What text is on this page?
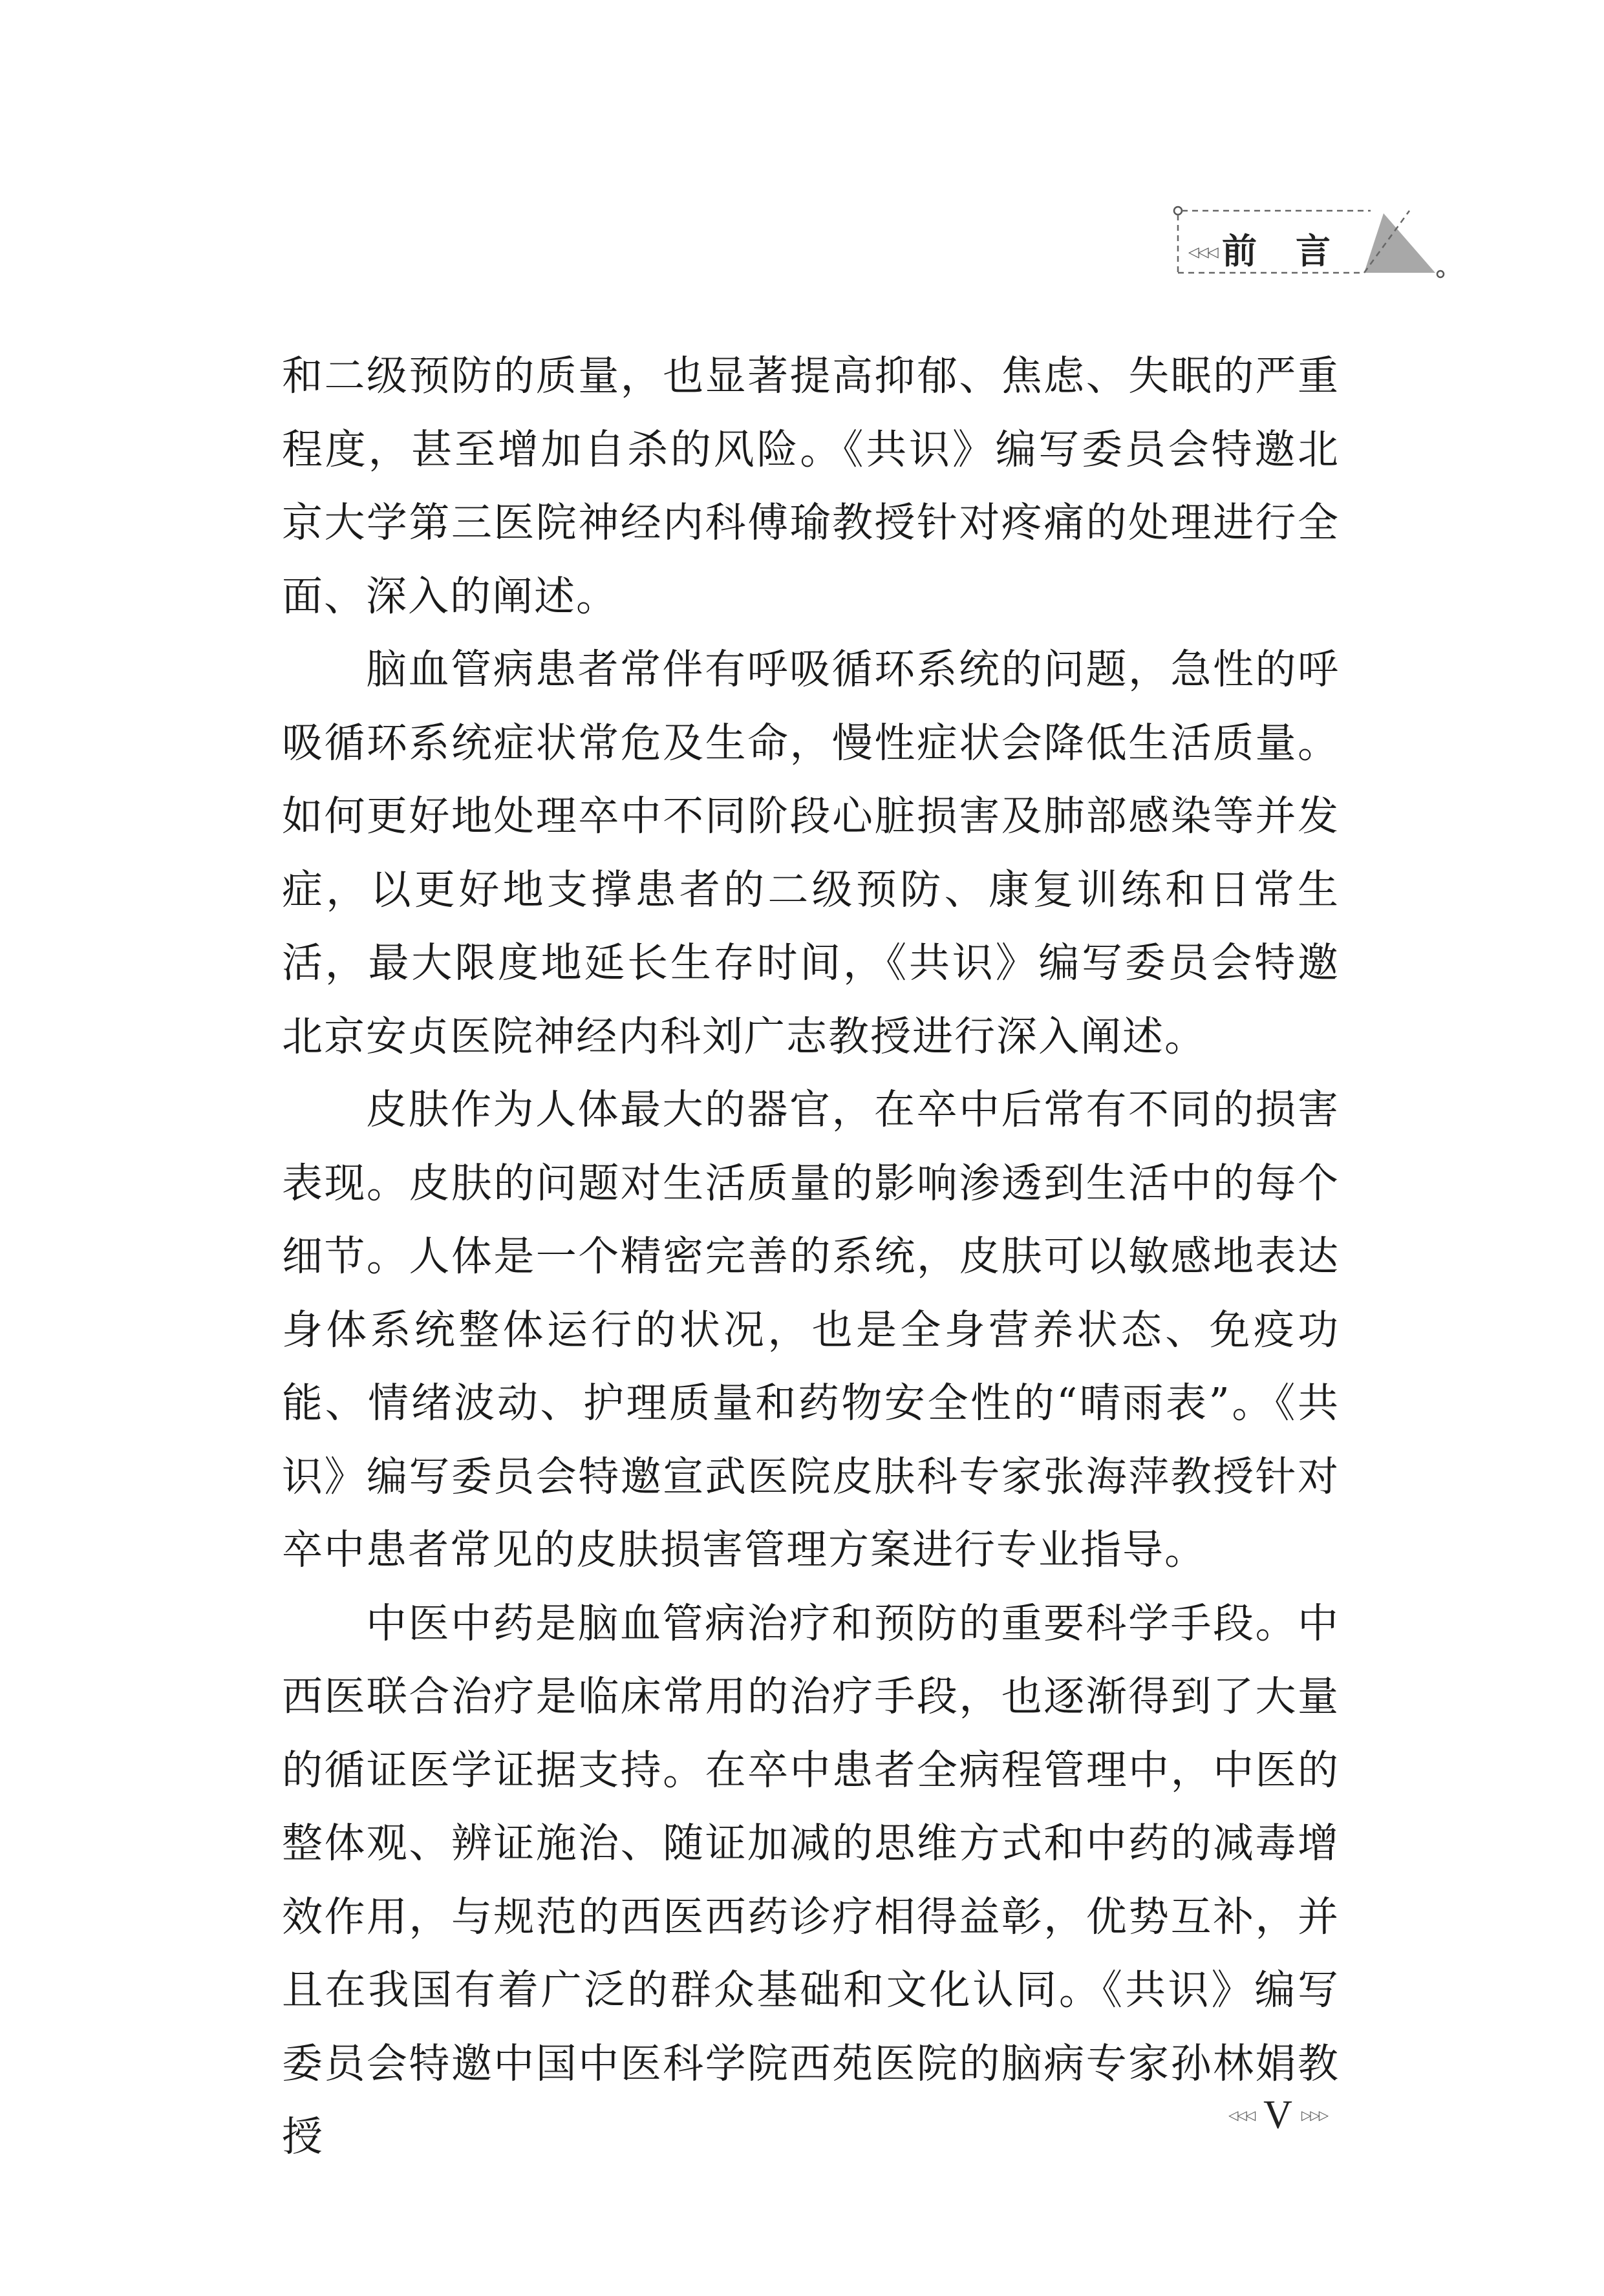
◁◁◁ 前言

和二级预防的质量，也显著提高抑郁、焦虑、失眠的严重程度，甚至增加自杀的风险。《共识》编写委员会特邀北京大学第三医院神经内科傅瑜教授针对疼痛的处理进行全面、深入的阐述。

脑血管病患者常伴有呼吸循环系统的问题，急性的呼吸循环系统症状常危及生命，慢性症状会降低生活质量。如何更好地处理卒中不同阶段心脏损害及肺部感染等并发症，以更好地支撑患者的二级预防、康复训练和日常生活，最大限度地延长生存时间，《共识》编写委员会特邀北京安贞医院神经内科刘广志教授进行深入阐述。

皮肤作为人体最大的器官，在卒中后常有不同的损害表现。皮肤的问题对生活质量的影响渗透到生活中的每个细节。人体是一个精密完善的系统，皮肤可以敏感地表达身体系统整体运行的状况，也是全身营养状态、免疫功能、情绪波动、护理质量和药物安全性的“晴雨表”。《共识》编写委员会特邀宣武医院皮肤科专家张海萍教授针对卒中患者常见的皮肤损害管理方案进行专业指导。

中医中药是脑血管病治疗和预防的重要科学手段。中西医联合治疗是临床常用的治疗手段，也逐渐得到了大量的循证医学证据支持。在卒中患者全病程管理中，中医的整体观、辨证施治、随证加减的思维方式和中药的减毒增效作用，与规范的西医西药诊疗相得益彰，优势互补，并且在我国有着广泛的群众基础和文化认同。《共识》编写委员会特邀中国中医科学院西苑医院的脑病专家孙林娟教授	◁◁◁ V ▷▷▷
